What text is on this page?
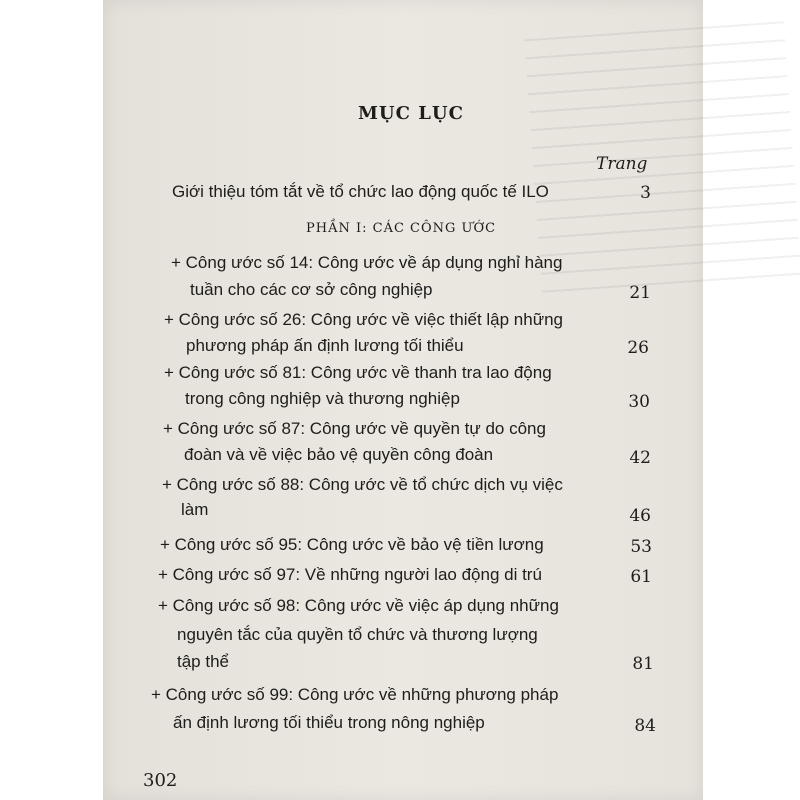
MỤC LỤC
Trang
Giới thiệu tóm tắt về tổ chức lao động quốc tế ILO	3
PHẦN I: CÁC CÔNG ƯỚC
+ Công ước số 14: Công ước về áp dụng nghỉ hàng
tuần cho các cơ sở công nghiệp	21
+ Công ước số 26: Công ước về việc thiết lập những
phương pháp ấn định lương tối thiểu	26
+ Công ước số 81: Công ước về thanh tra lao động
trong công nghiệp và thương nghiệp	30
+ Công ước số 87: Công ước về quyền tự do công
đoàn và về việc bảo vệ quyền công đoàn	42
+ Công ước số 88: Công ước về tổ chức dịch vụ việc
làm	46
+ Công ước số 95: Công ước về bảo vệ tiền lương	53
+ Công ước số 97: Về những người lao động di trú	61
+ Công ước số 98: Công ước về việc áp dụng những
nguyên tắc của quyền tổ chức và thương lượng
tập thể	81
+ Công ước số 99: Công ước về những phương pháp
ấn định lương tối thiểu trong nông nghiệp	84
302
